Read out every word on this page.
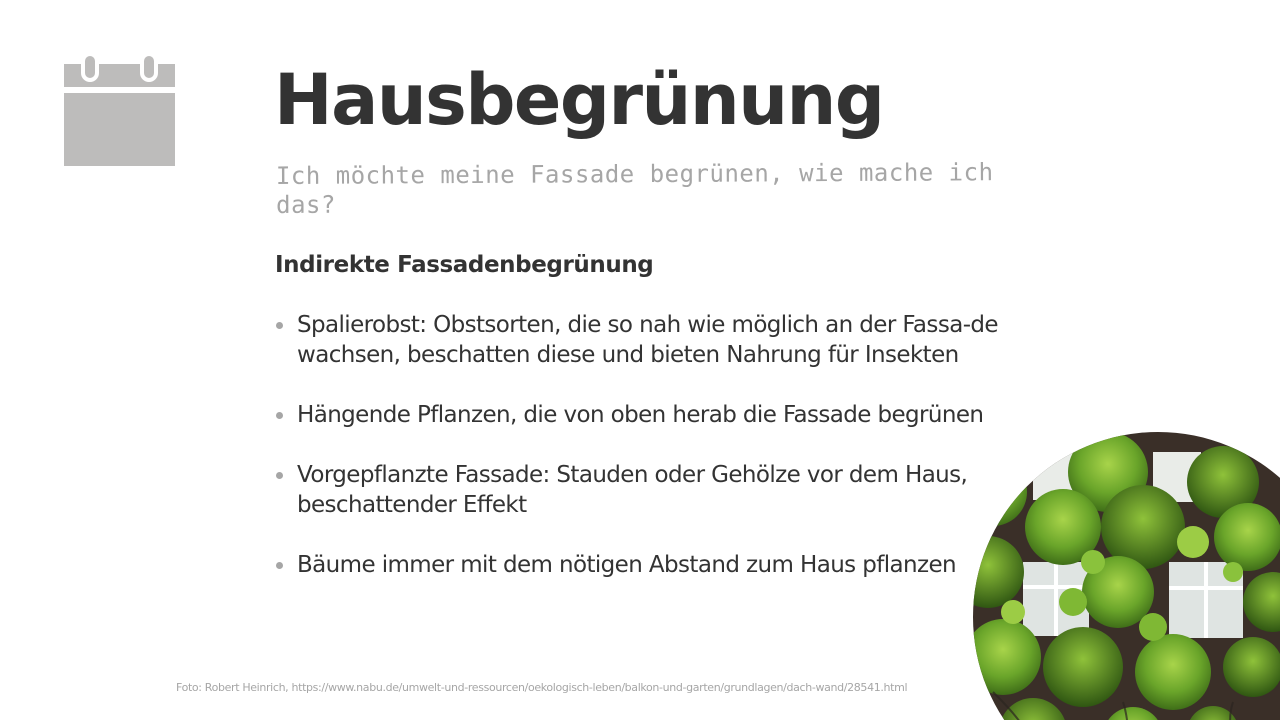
Hausbegrünung

Ich möchte meine Fassade begrünen, wie mache ich das?

Indirekte Fassadenbegrünung
Spalierobst: Obstsorten, die so nah wie möglich an der Fassa-de wachsen, beschatten diese und bieten Nahrung für Insekten
Hängende Pflanzen, die von oben herab die Fassade begrünen
Vorgepflanzte Fassade: Stauden oder Gehölze vor dem Haus, beschattender Effekt
Bäume immer mit dem nötigen Abstand zum Haus pflanzen

Foto: Robert Heinrich, https://www.nabu.de/umwelt-und-ressourcen/oekologisch-leben/balkon-und-garten/grundlagen/dach-wand/28541.html
